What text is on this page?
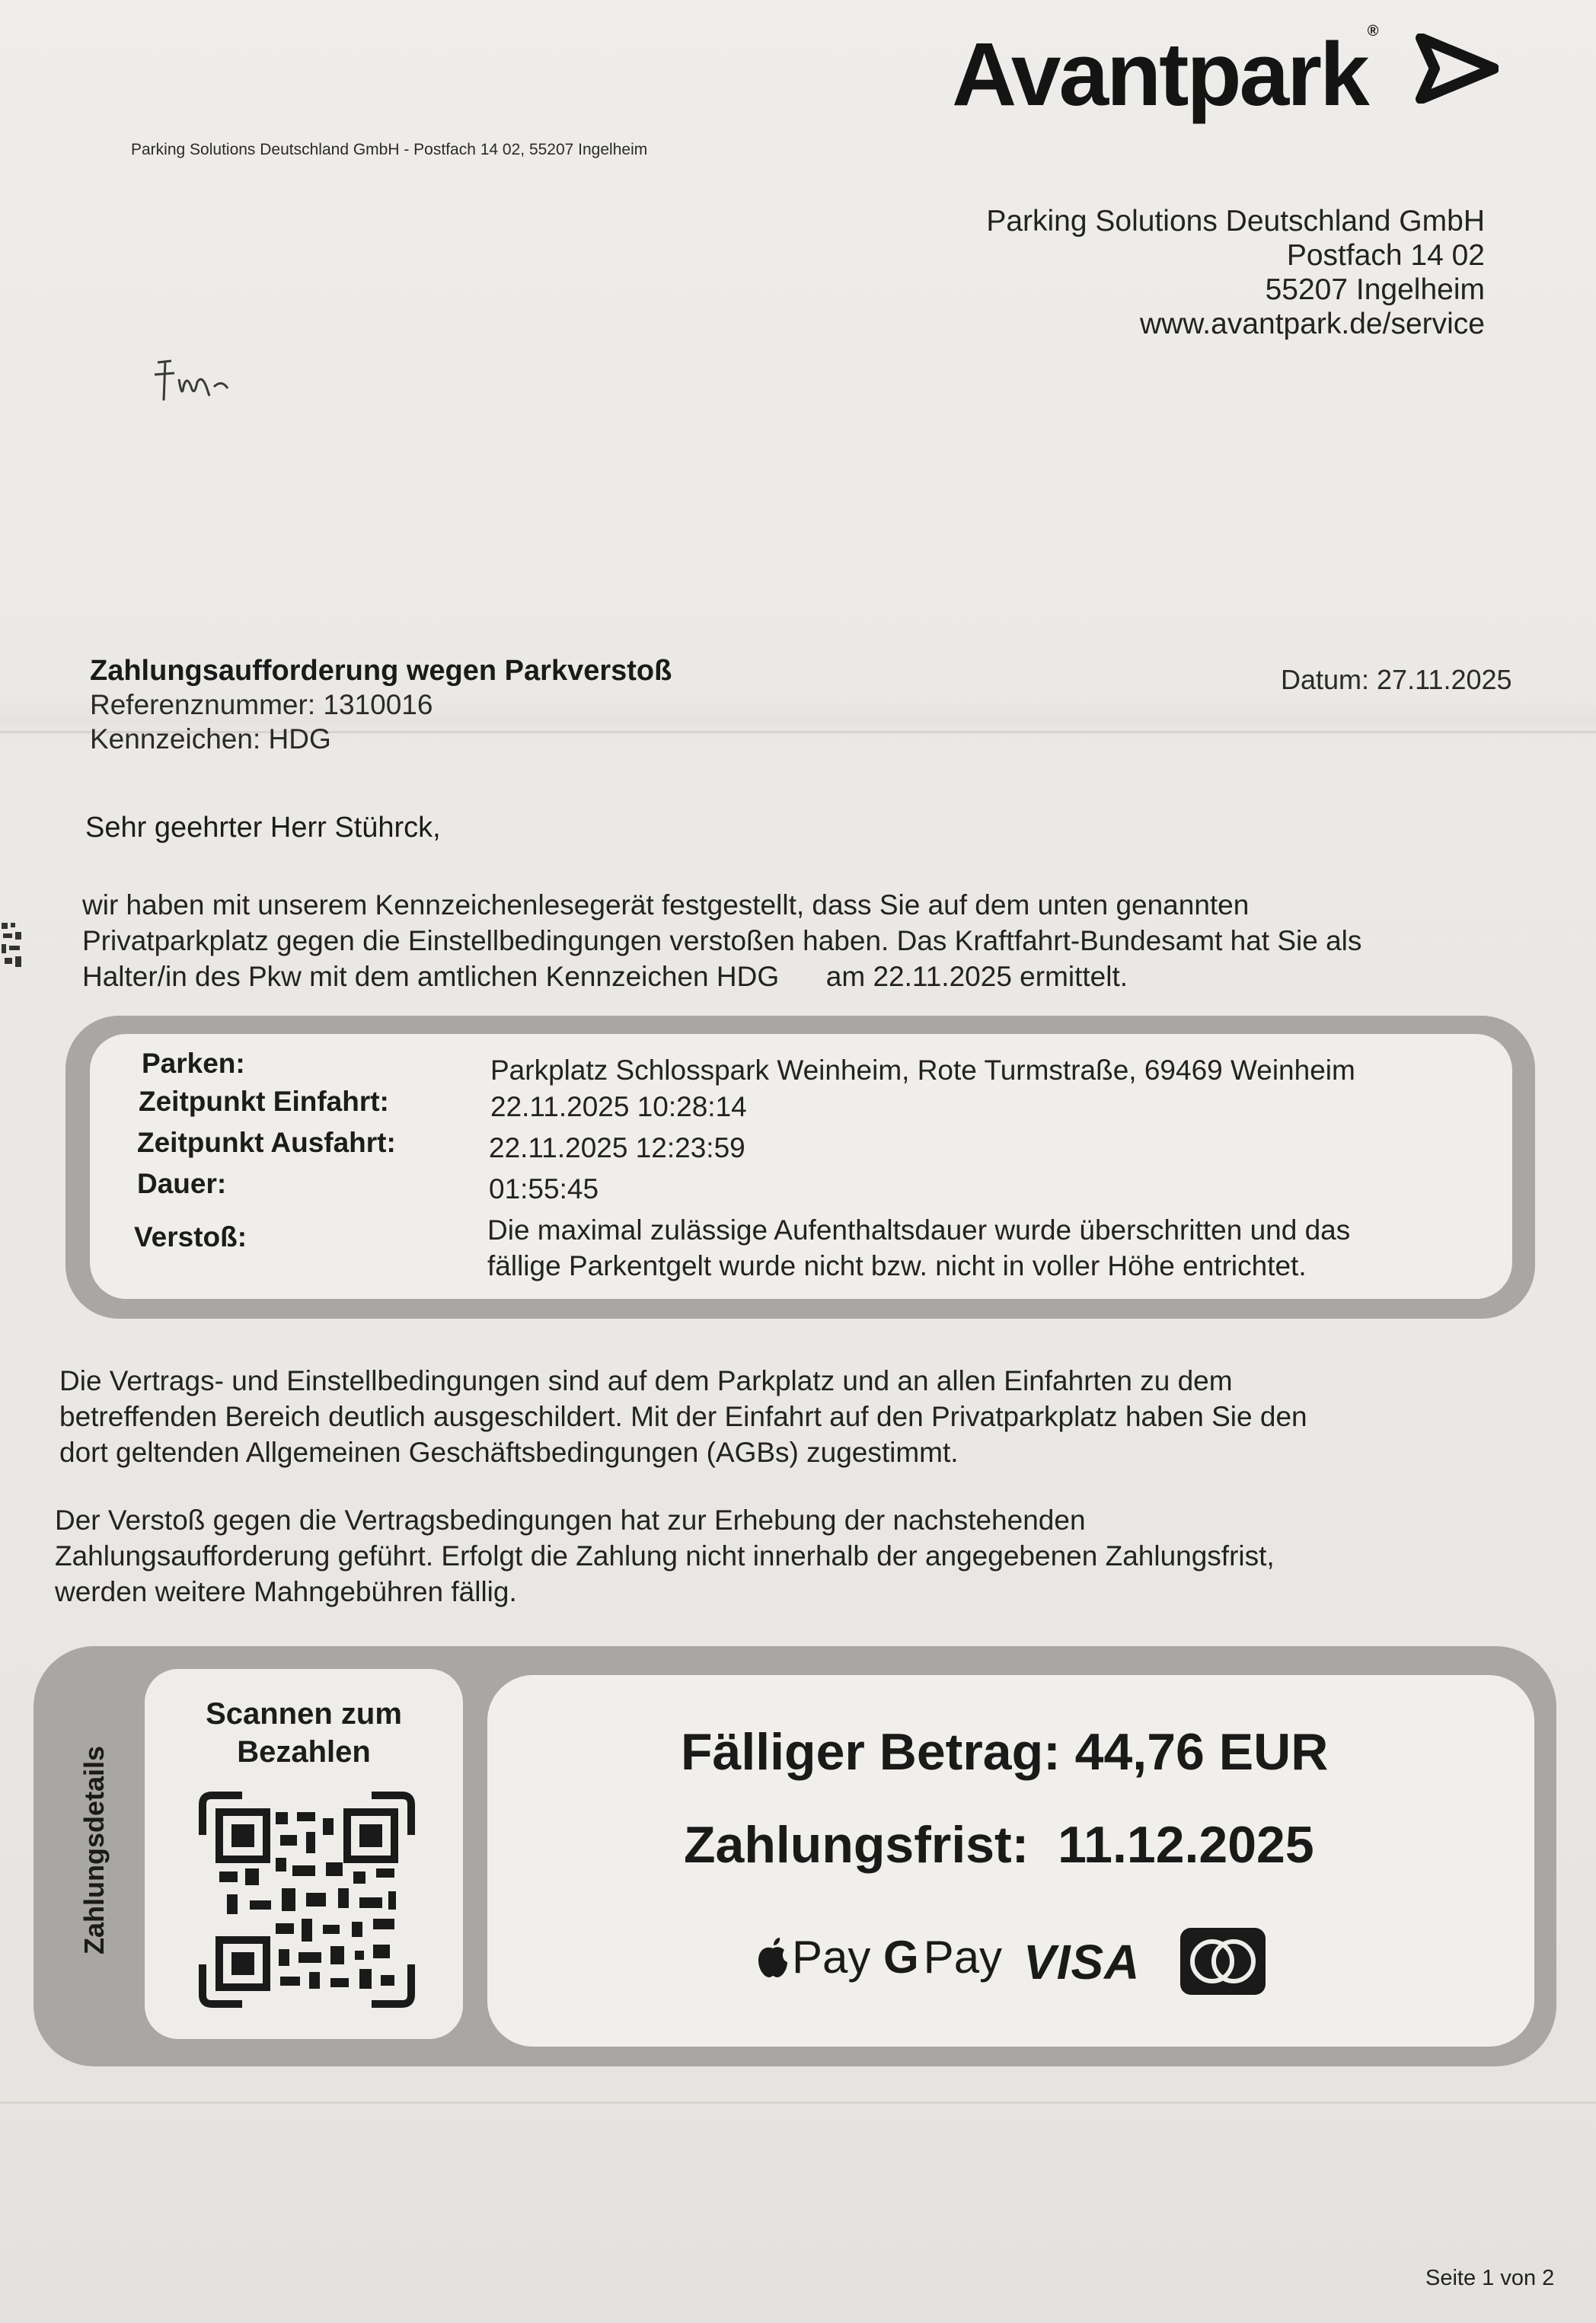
Avantpark®
Parking Solutions Deutschland GmbH - Postfach 14 02, 55207 Ingelheim
Parking Solutions Deutschland GmbH
Postfach 14 02
55207 Ingelheim
www.avantpark.de/service
Zahlungsaufforderung wegen Parkverstoß
Referenznummer: 1310016
Kennzeichen: HDG
Datum: 27.11.2025
Sehr geehrter Herr Stührck,
wir haben mit unserem Kennzeichenlesegerät festgestellt, dass Sie auf dem unten genannten
Privatparkplatz gegen die Einstellbedingungen verstoßen haben. Das Kraftfahrt-Bundesamt hat Sie als
Halter/in des Pkw mit dem amtlichen Kennzeichen HDG      am 22.11.2025 ermittelt.
Parken:	Parkplatz Schlosspark Weinheim, Rote Turmstraße, 69469 Weinheim
Zeitpunkt Einfahrt:	22.11.2025 10:28:14
Zeitpunkt Ausfahrt:	22.11.2025 12:23:59
Dauer:	01:55:45
Verstoß:	Die maximal zulässige Aufenthaltsdauer wurde überschritten und das
fällige Parkentgelt wurde nicht bzw. nicht in voller Höhe entrichtet.
Die Vertrags- und Einstellbedingungen sind auf dem Parkplatz und an allen Einfahrten zu dem
betreffenden Bereich deutlich ausgeschildert. Mit der Einfahrt auf den Privatparkplatz haben Sie den
dort geltenden Allgemeinen Geschäftsbedingungen (AGBs) zugestimmt.
Der Verstoß gegen die Vertragsbedingungen hat zur Erhebung der nachstehenden
Zahlungsaufforderung geführt. Erfolgt die Zahlung nicht innerhalb der angegebenen Zahlungsfrist,
werden weitere Mahngebühren fällig.
Zahlungsdetails
Scannen zum
Bezahlen	Fälliger Betrag: 44,76 EUR
Zahlungsfrist:  11.12.2025
Pay G Pay VISA
Seite 1 von 2
